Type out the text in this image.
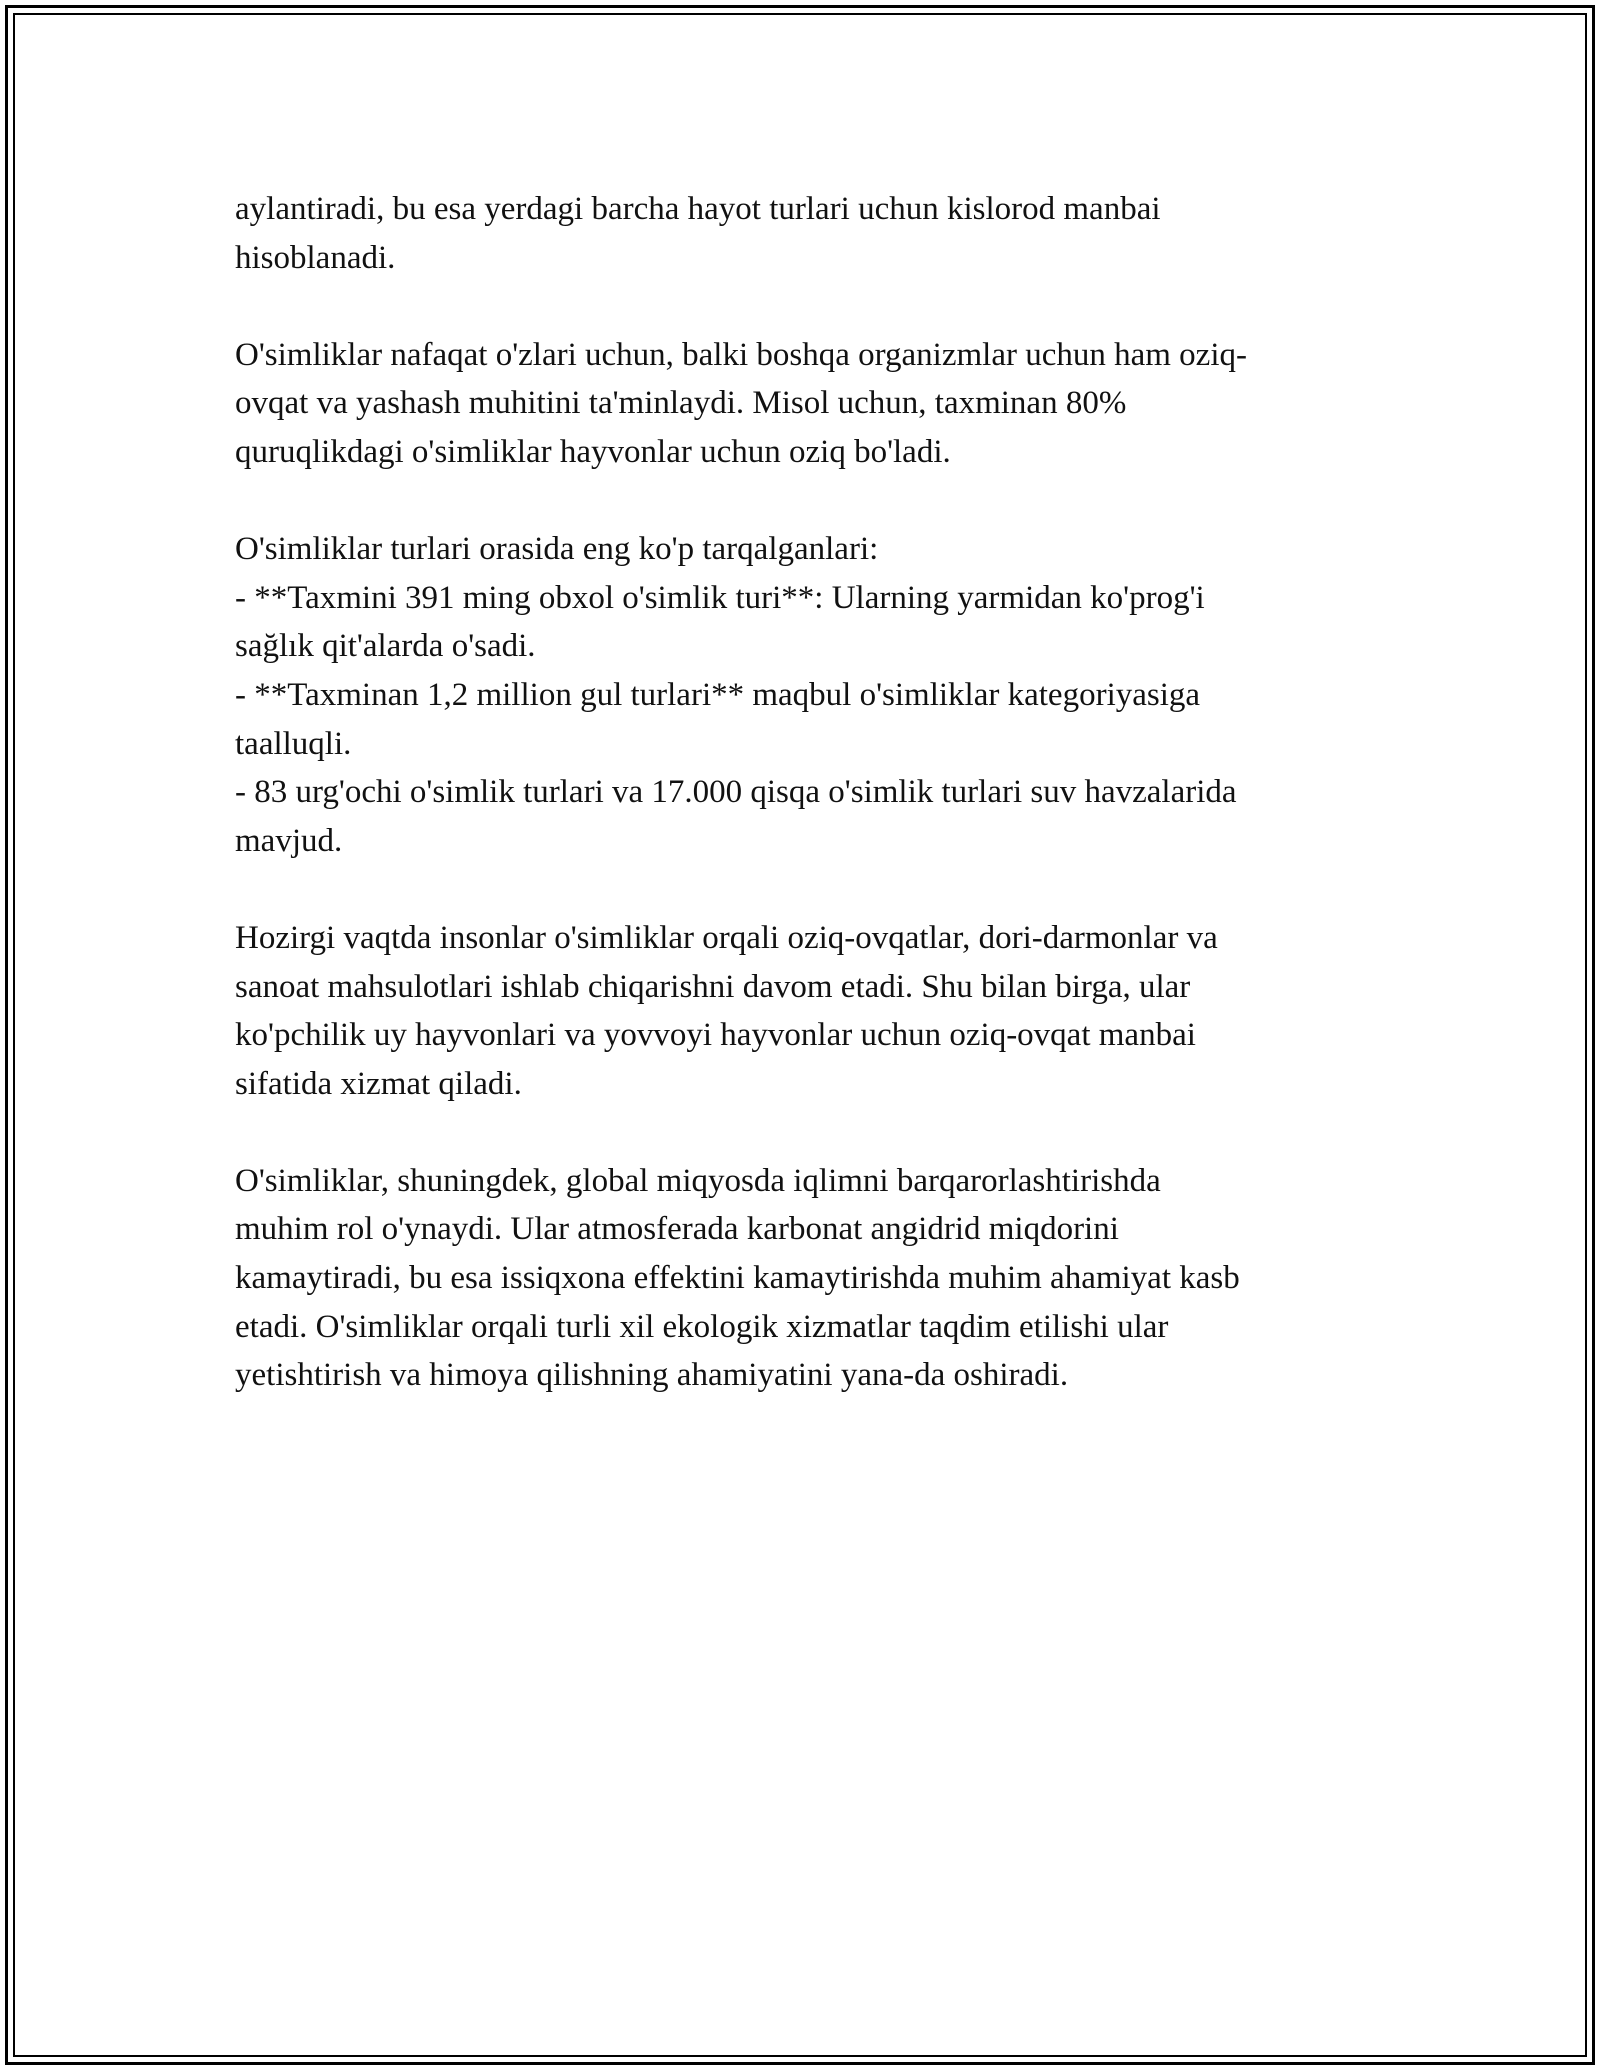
aylantiradi, bu esa yerdagi barcha hayot turlari uchun kislorod manbai
hisoblanadi.

O'simliklar nafaqat o'zlari uchun, balki boshqa organizmlar uchun ham oziq-
ovqat va yashash muhitini ta'minlaydi. Misol uchun, taxminan 80%
quruqlikdagi o'simliklar hayvonlar uchun oziq bo'ladi.

O'simliklar turlari orasida eng ko'p tarqalganlari:
- **Taxmini 391 ming obxol o'simlik turi**: Ularning yarmidan ko'prog'i
sağlık qit'alarda o'sadi.
- **Taxminan 1,2 million gul turlari** maqbul o'simliklar kategoriyasiga
taalluqli.
- 83 urg'ochi o'simlik turlari va 17.000 qisqa o'simlik turlari suv havzalarida
mavjud.

Hozirgi vaqtda insonlar o'simliklar orqali oziq-ovqatlar, dori-darmonlar va
sanoat mahsulotlari ishlab chiqarishni davom etadi. Shu bilan birga, ular
ko'pchilik uy hayvonlari va yovvoyi hayvonlar uchun oziq-ovqat manbai
sifatida xizmat qiladi.

O'simliklar, shuningdek, global miqyosda iqlimni barqarorlashtirishda
muhim rol o'ynaydi. Ular atmosferada karbonat angidrid miqdorini
kamaytiradi, bu esa issiqxona effektini kamaytirishda muhim ahamiyat kasb
etadi. O'simliklar orqali turli xil ekologik xizmatlar taqdim etilishi ular
yetishtirish va himoya qilishning ahamiyatini yana-da oshiradi.
